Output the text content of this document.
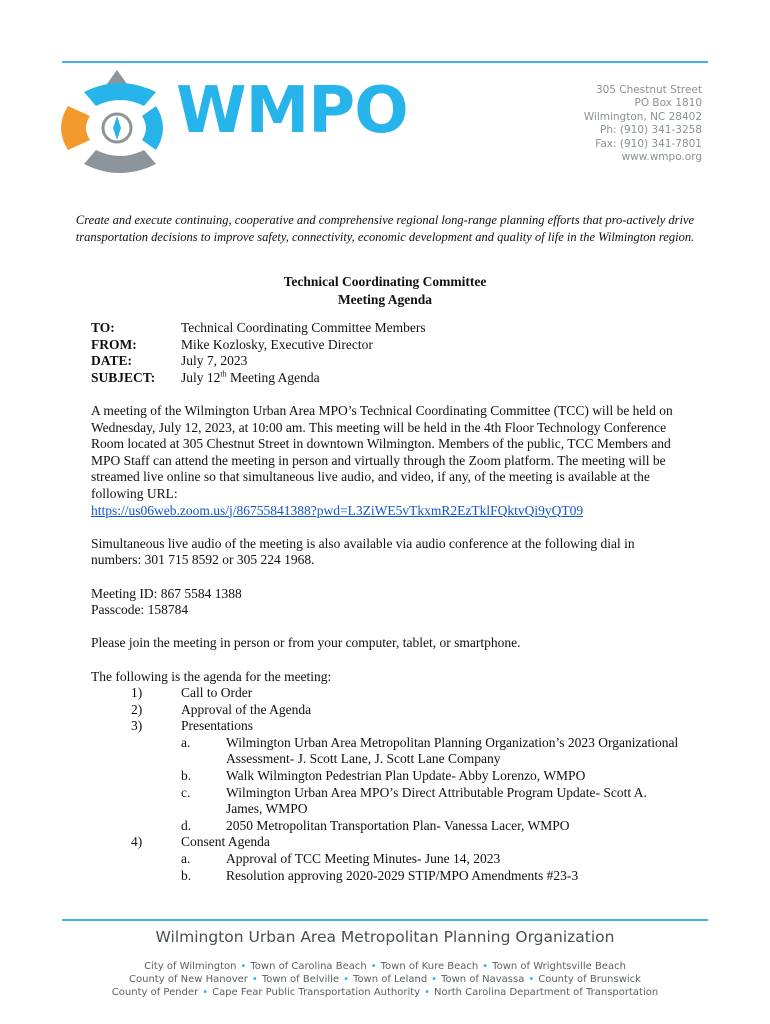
WMPO	305 Chestnut Street
PO Box 1810
Wilmington, NC 28402
Ph: (910) 341-3258
Fax: (910) 341-7801
www.wmpo.org
Create and execute continuing, cooperative and comprehensive regional long-range planning efforts that pro-actively drive transportation decisions to improve safety, connectivity, economic development and quality of life in the Wilmington region.
Technical Coordinating Committee
Meeting Agenda
TO:	Technical Coordinating Committee Members
FROM:	Mike Kozlosky, Executive Director
DATE:	July 7, 2023
SUBJECT:	July 12th Meeting Agenda

A meeting of the Wilmington Urban Area MPO’s Technical Coordinating Committee (TCC) will be held on Wednesday, July 12, 2023, at 10:00 am. This meeting will be held in the 4th Floor Technology Conference Room located at 305 Chestnut Street in downtown Wilmington. Members of the public, TCC Members and MPO Staff can attend the meeting in person and virtually through the Zoom platform. The meeting will be streamed live online so that simultaneous live audio, and video, if any, of the meeting is available at the following URL:

https://us06web.zoom.us/j/86755841388?pwd=L3ZiWE5vTkxmR2EzTklFQktvQi9yQT09

Simultaneous live audio of the meeting is also available via audio conference at the following dial in numbers: 301 715 8592 or 305 224 1968.

Meeting ID: 867 5584 1388

Passcode: 158784

Please join the meeting in person or from your computer, tablet, or smartphone.

The following is the agenda for the meeting:

1)	Call to Order
2)	Approval of the Agenda
3)	Presentations
a.	Wilmington Urban Area Metropolitan Planning Organization’s 2023 Organizational Assessment- J. Scott Lane, J. Scott Lane Company
b.	Walk Wilmington Pedestrian Plan Update- Abby Lorenzo, WMPO
c.	Wilmington Urban Area MPO’s Direct Attributable Program Update- Scott A. James, WMPO
d.	2050 Metropolitan Transportation Plan- Vanessa Lacer, WMPO
4)	Consent Agenda
a.	Approval of TCC Meeting Minutes- June 14, 2023
b.	Resolution approving 2020-2029 STIP/MPO Amendments #23-3
Wilmington Urban Area Metropolitan Planning Organization
City of Wilmington • Town of Carolina Beach • Town of Kure Beach • Town of Wrightsville Beach
County of New Hanover • Town of Belville • Town of Leland • Town of Navassa • County of Brunswick
County of Pender • Cape Fear Public Transportation Authority • North Carolina Department of Transportation
